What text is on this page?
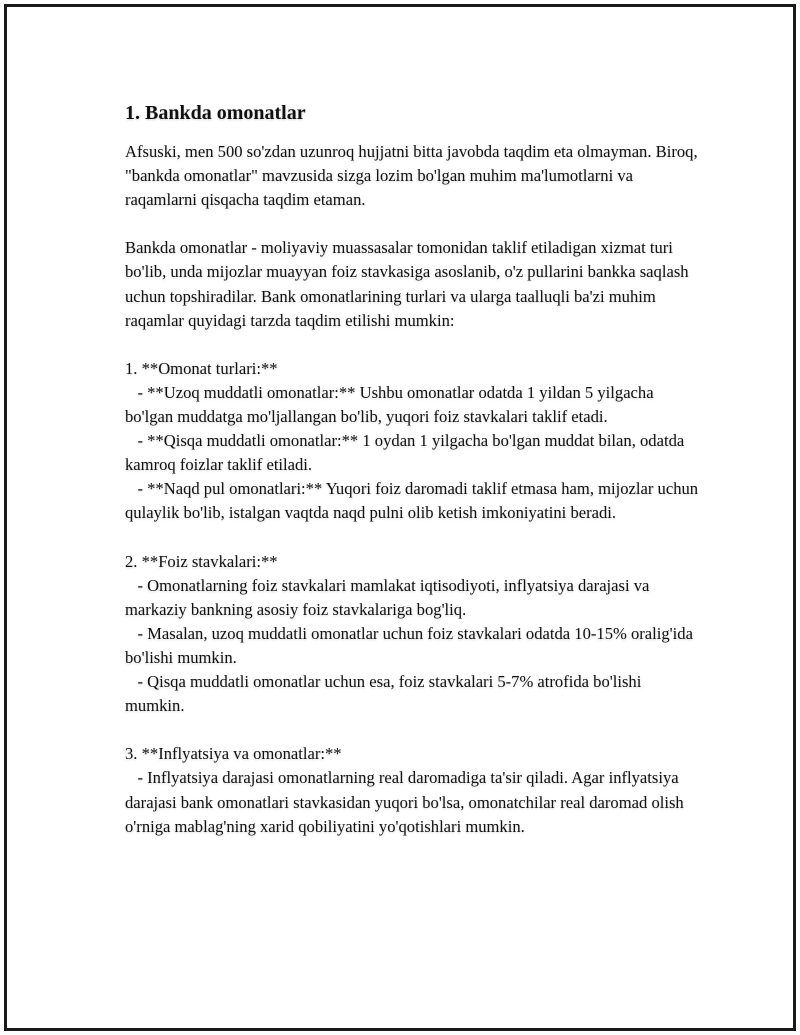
1. Bankda omonatlar

Afsuski, men 500 so'zdan uzunroq hujjatni bitta javobda taqdim eta olmayman. Biroq, "bankda omonatlar" mavzusida sizga lozim bo'lgan muhim ma'lumotlarni va raqamlarni qisqacha taqdim etaman.

Bankda omonatlar - moliyaviy muassasalar tomonidan taklif etiladigan xizmat turi bo'lib, unda mijozlar muayyan foiz stavkasiga asoslanib, o'z pullarini bankka saqlash uchun topshiradilar. Bank omonatlarining turlari va ularga taalluqli ba'zi muhim raqamlar quyidagi tarzda taqdim etilishi mumkin:

1. **Omonat turlari:**
- **Uzoq muddatli omonatlar:** Ushbu omonatlar odatda 1 yildan 5 yilgacha bo'lgan muddatga mo'ljallangan bo'lib, yuqori foiz stavkalari taklif etadi.
- **Qisqa muddatli omonatlar:** 1 oydan 1 yilgacha bo'lgan muddat bilan, odatda kamroq foizlar taklif etiladi.
- **Naqd pul omonatlari:** Yuqori foiz daromadi taklif etmasa ham, mijozlar uchun qulaylik bo'lib, istalgan vaqtda naqd pulni olib ketish imkoniyatini beradi.

2. **Foiz stavkalari:**
- Omonatlarning foiz stavkalari mamlakat iqtisodiyoti, inflyatsiya darajasi va markaziy bankning asosiy foiz stavkalariga bog'liq.
- Masalan, uzoq muddatli omonatlar uchun foiz stavkalari odatda 10-15% oralig'ida bo'lishi mumkin.
- Qisqa muddatli omonatlar uchun esa, foiz stavkalari 5-7% atrofida bo'lishi mumkin.

3. **Inflyatsiya va omonatlar:**
- Inflyatsiya darajasi omonatlarning real daromadiga ta'sir qiladi. Agar inflyatsiya darajasi bank omonatlari stavkasidan yuqori bo'lsa, omonatchilar real daromad olish o'rniga mablag'ning xarid qobiliyatini yo'qotishlari mumkin.
